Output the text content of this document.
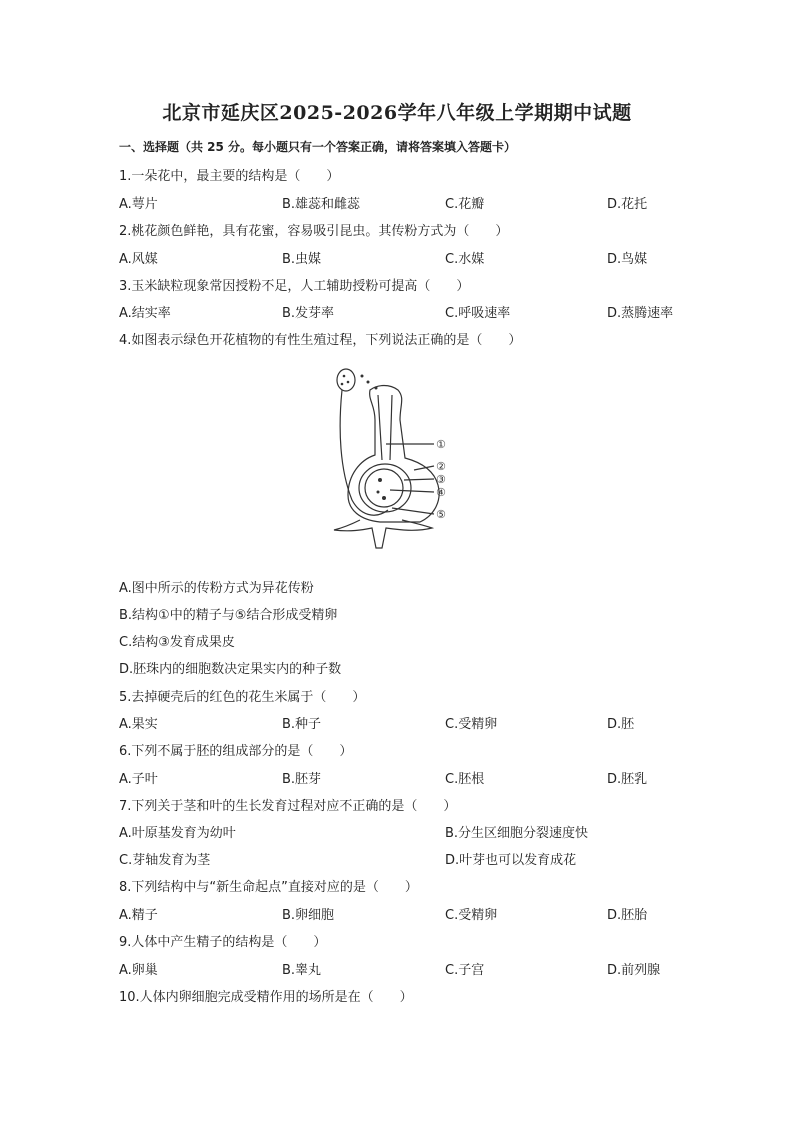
北京市延庆区2025-2026学年八年级上学期期中试题
一、选择题（共 25 分。每小题只有一个答案正确，请将答案填入答题卡）
1.一朵花中，最主要的结构是（　　）
A.萼片	B.雄蕊和雌蕊	C.花瓣	D.花托
2.桃花颜色鲜艳，具有花蜜，容易吸引昆虫。其传粉方式为（　　）
A.风媒	B.虫媒	C.水媒	D.鸟媒
3.玉米缺粒现象常因授粉不足，人工辅助授粉可提高（　　）
A.结实率	B.发芽率	C.呼吸速率	D.蒸腾速率
4.如图表示绿色开花植物的有性生殖过程，下列说法正确的是（　　）
①
②
③
④
⑤
A.图中所示的传粉方式为异花传粉
B.结构①中的精子与⑤结合形成受精卵
C.结构③发育成果皮
D.胚珠内的细胞数决定果实内的种子数
5.去掉硬壳后的红色的花生米属于（　　）
A.果实	B.种子	C.受精卵	D.胚
6.下列不属于胚的组成部分的是（　　）
A.子叶	B.胚芽	C.胚根	D.胚乳
7.下列关于茎和叶的生长发育过程对应不正确的是（　　）
A.叶原基发育为幼叶	B.分生区细胞分裂速度快
C.芽轴发育为茎	D.叶芽也可以发育成花
8.下列结构中与“新生命起点”直接对应的是（　　）
A.精子	B.卵细胞	C.受精卵	D.胚胎
9.人体中产生精子的结构是（　　）
A.卵巢	B.睾丸	C.子宫	D.前列腺
10.人体内卵细胞完成受精作用的场所是在（　　）
